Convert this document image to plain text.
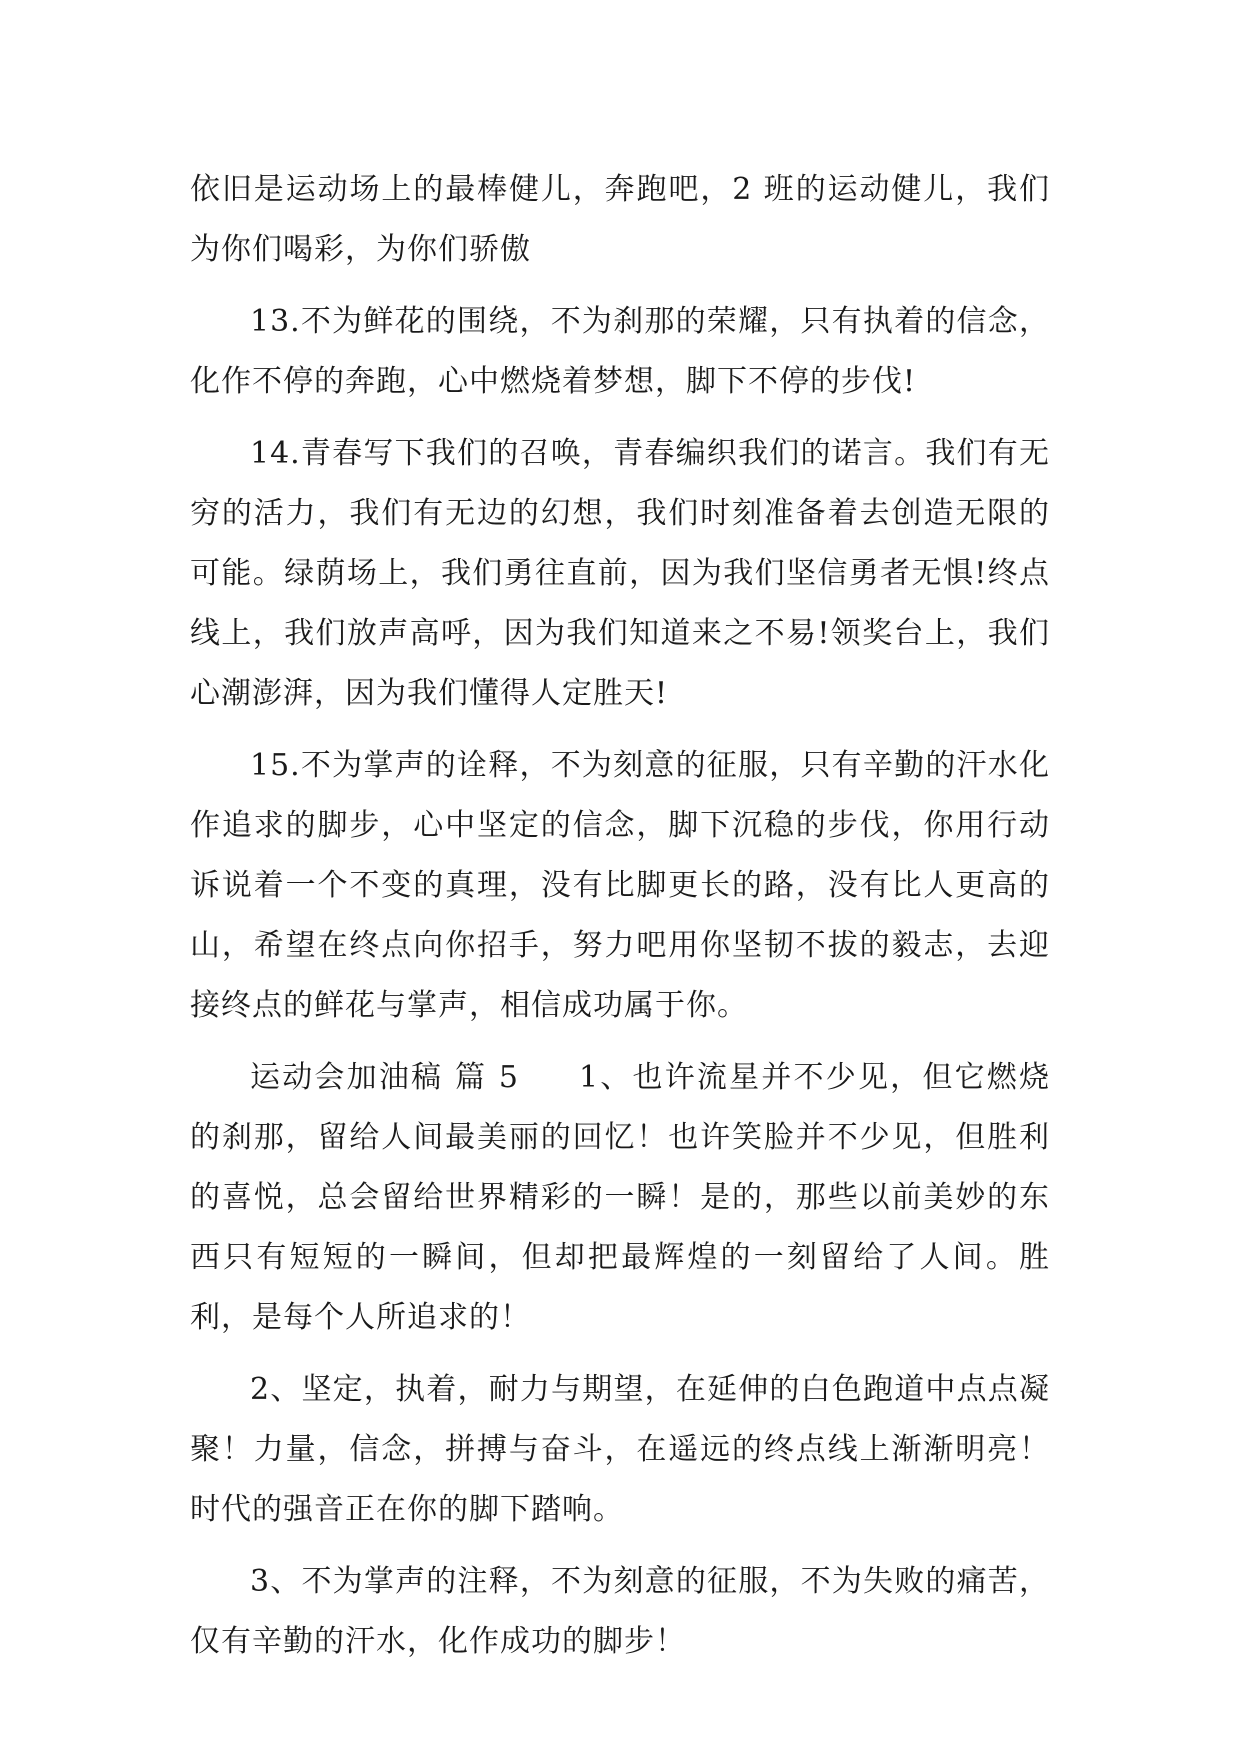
依旧是运动场上的最棒健儿，奔跑吧，2 班的运动健儿，我们为你们喝彩，为你们骄傲

13.不为鲜花的围绕，不为刹那的荣耀，只有执着的信念，化作不停的奔跑，心中燃烧着梦想，脚下不停的步伐!

14.青春写下我们的召唤，青春编织我们的诺言。我们有无穷的活力，我们有无边的幻想，我们时刻准备着去创造无限的可能。绿荫场上，我们勇往直前，因为我们坚信勇者无惧!终点线上，我们放声高呼，因为我们知道来之不易!领奖台上，我们心潮澎湃，因为我们懂得人定胜天!

15.不为掌声的诠释，不为刻意的征服，只有辛勤的汗水化作追求的脚步，心中坚定的信念，脚下沉稳的步伐，你用行动诉说着一个不变的真理，没有比脚更长的路，没有比人更高的山，希望在终点向你招手，努力吧用你坚韧不拔的毅志，去迎接终点的鲜花与掌声，相信成功属于你。

运动会加油稿 篇 5 1、也许流星并不少见，但它燃烧的刹那，留给人间最美丽的回忆！也许笑脸并不少见，但胜利的喜悦，总会留给世界精彩的一瞬！是的，那些以前美妙的东西只有短短的一瞬间，但却把最辉煌的一刻留给了人间。胜利，是每个人所追求的！

2、坚定，执着，耐力与期望，在延伸的白色跑道中点点凝聚！力量，信念，拼搏与奋斗，在遥远的终点线上渐渐明亮！时代的强音正在你的脚下踏响。

3、不为掌声的注释，不为刻意的征服，不为失败的痛苦，仅有辛勤的汗水，化作成功的脚步！
